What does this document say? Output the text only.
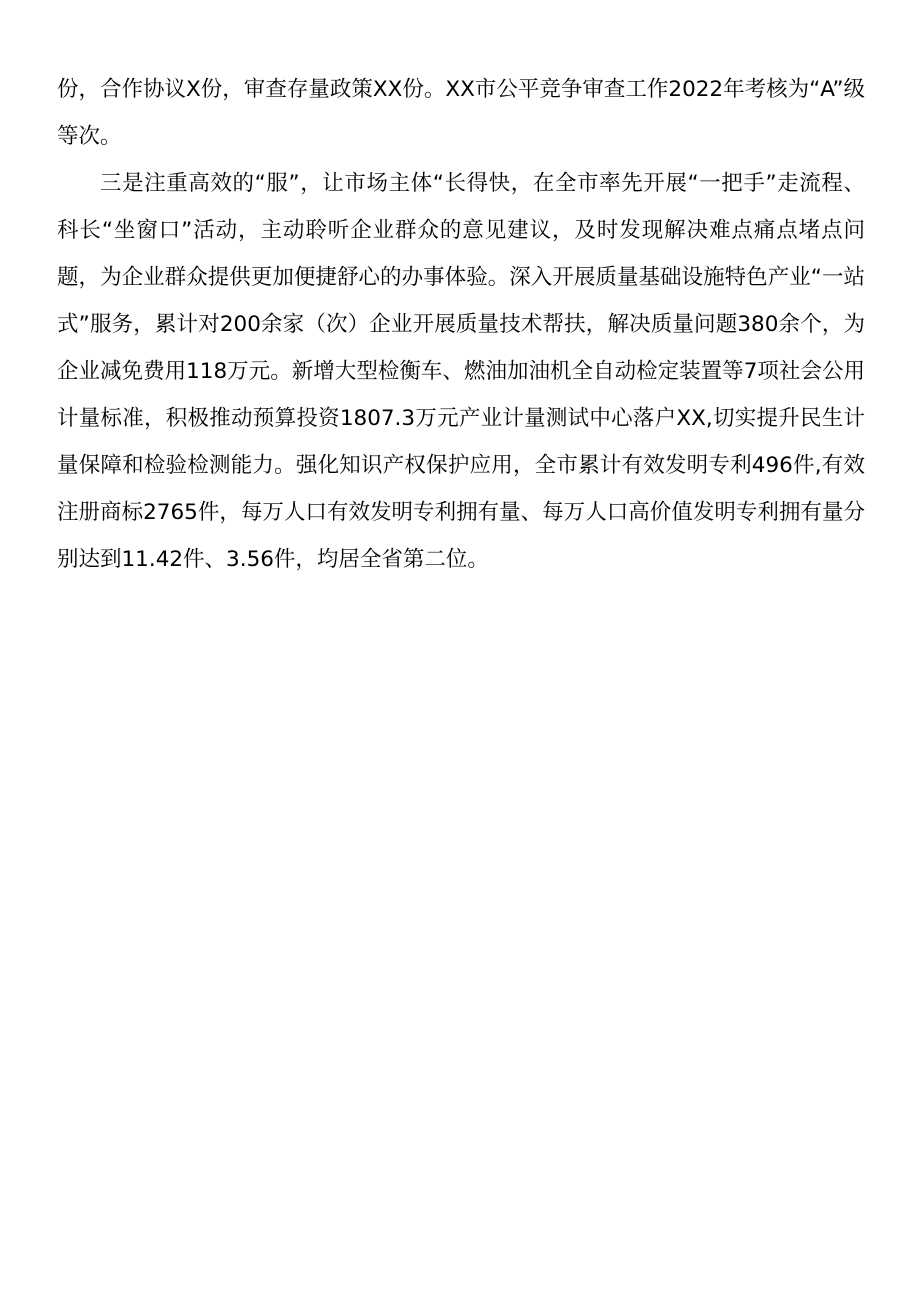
份，合作协议X份，审查存量政策XX份。XX市公平竞争审查工作2022年考核为“A”级等次。

三是注重高效的“服”，让市场主体“长得快，在全市率先开展“一把手”走流程、科长“坐窗口”活动，主动聆听企业群众的意见建议，及时发现解决难点痛点堵点问题，为企业群众提供更加便捷舒心的办事体验。深入开展质量基础设施特色产业“一站式”服务，累计对200余家（次）企业开展质量技术帮扶，解决质量问题380余个，为企业减免费用118万元。新增大型检衡车、燃油加油机全自动检定装置等7项社会公用计量标准，积极推动预算投资1807.3万元产业计量测试中心落户XX,切实提升民生计量保障和检验检测能力。强化知识产权保护应用，全市累计有效发明专利496件,有效注册商标2765件，每万人口有效发明专利拥有量、每万人口高价值发明专利拥有量分别达到11.42件、3.56件，均居全省第二位。
